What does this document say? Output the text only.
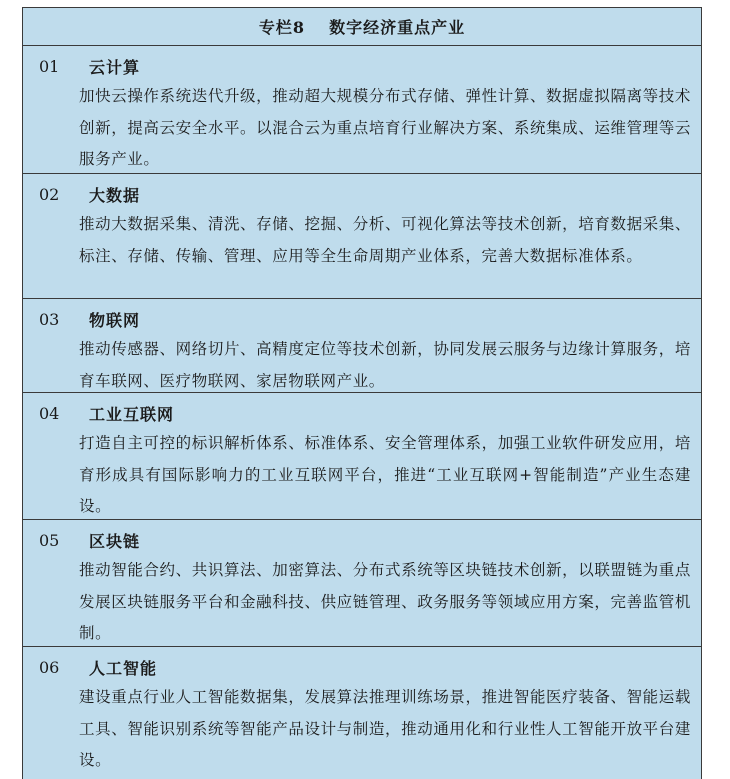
专栏8 数字经济重点产业
01	云计算
加快云操作系统迭代升级，推动超大规模分布式存储、弹性计算、数据虚拟隔离等技术创新，提高云安全水平。以混合云为重点培育行业解决方案、系统集成、运维管理等云服务产业。
02	大数据
推动大数据采集、清洗、存储、挖掘、分析、可视化算法等技术创新，培育数据采集、标注、存储、传输、管理、应用等全生命周期产业体系，完善大数据标准体系。
03	物联网
推动传感器、网络切片、高精度定位等技术创新，协同发展云服务与边缘计算服务，培育车联网、医疗物联网、家居物联网产业。
04	工业互联网
打造自主可控的标识解析体系、标准体系、安全管理体系，加强工业软件研发应用，培育形成具有国际影响力的工业互联网平台，推进“工业互联网+智能制造”产业生态建设。
05	区块链
推动智能合约、共识算法、加密算法、分布式系统等区块链技术创新，以联盟链为重点发展区块链服务平台和金融科技、供应链管理、政务服务等领域应用方案，完善监管机制。
06	人工智能
建设重点行业人工智能数据集，发展算法推理训练场景，推进智能医疗装备、智能运载工具、智能识别系统等智能产品设计与制造，推动通用化和行业性人工智能开放平台建设。
